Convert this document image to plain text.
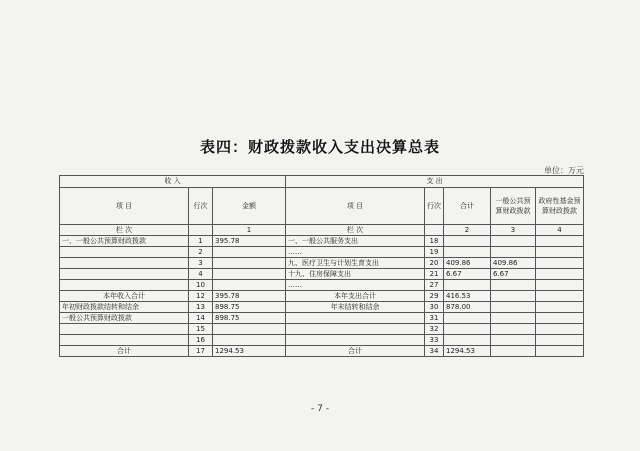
表四：财政拨款收入支出决算总表
单位：万元
收 入			支 出				
项 目	行次	金额	项 目	行次	合计	一般公共预算财政拨款	政府性基金预算财政拨款
栏 次		1	栏 次		2	3	4
一、一般公共预算财政拨款	1	395.78	一、一般公共服务支出	18			
	2		……	19			
	3		九、医疗卫生与计划生育支出	20	409.86	409.86	
	4		十九、住房保障支出	21	6.67	6.67	
	10		……	27			
本年收入合计	12	395.78	本年支出合计	29	416.53		
年初财政拨款结转和结余	13	898.75	年末结转和结余	30	878.00		
一般公共预算财政拨款	14	898.75		31			
	15			32			
	16			33			
合计	17	1294.53	合计	34	1294.53		
- 7 -
